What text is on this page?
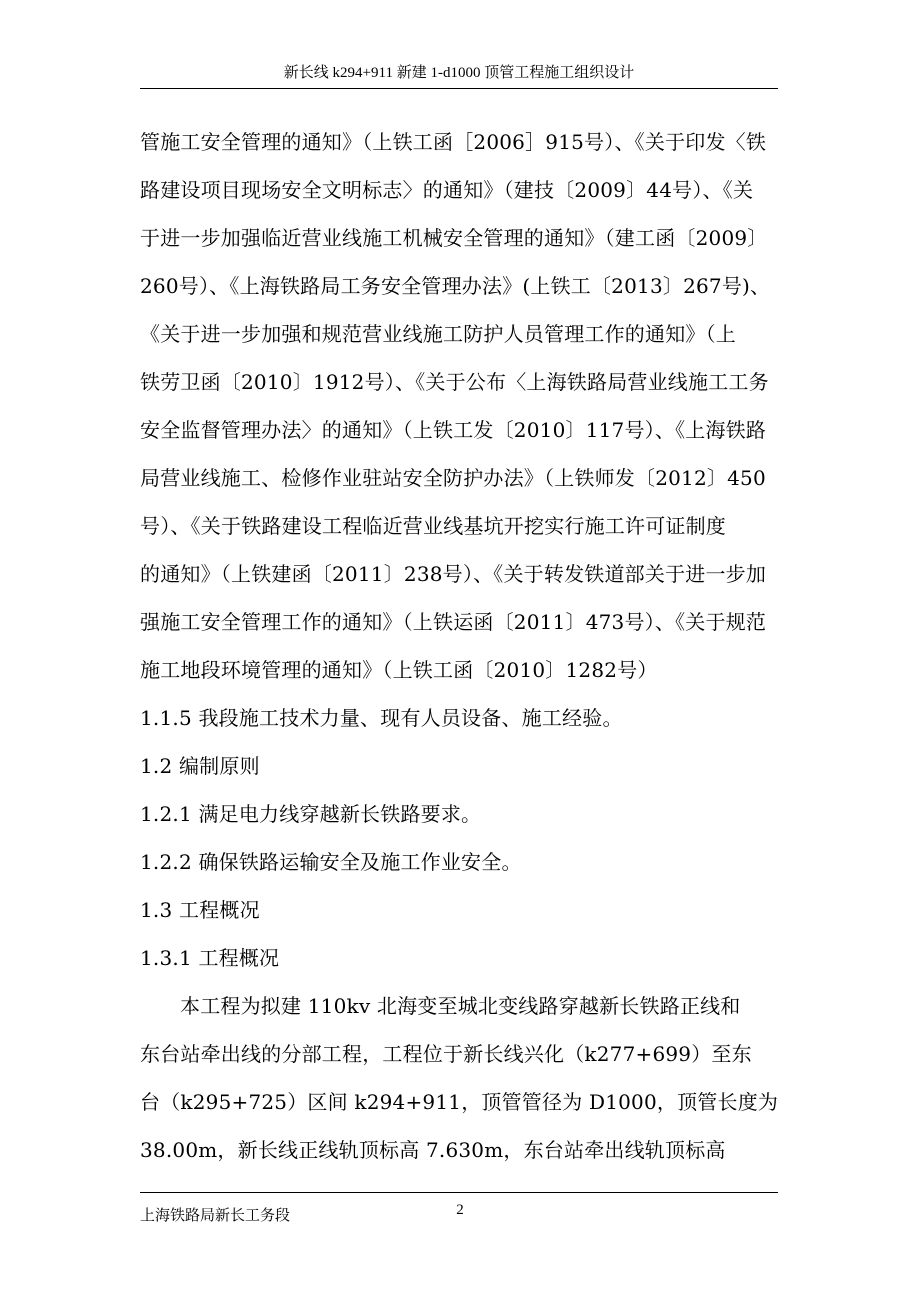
新长线 k294+911 新建 1-d1000 顶管工程施工组织设计
管施工安全管理的通知》（上铁工函［2006］915号）、《关于印发〈铁
路建设项目现场安全文明标志〉的通知》（建技〔2009〕44号）、《关
于进一步加强临近营业线施工机械安全管理的通知》（建工函〔2009〕
260号）、《上海铁路局工务安全管理办法》(上铁工〔2013〕267号)、
《关于进一步加强和规范营业线施工防护人员管理工作的通知》（上
铁劳卫函〔2010〕1912号）、《关于公布〈上海铁路局营业线施工工务
安全监督管理办法〉的通知》（上铁工发〔2010〕117号）、《上海铁路
局营业线施工、检修作业驻站安全防护办法》（上铁师发〔2012〕450
号）、《关于铁路建设工程临近营业线基坑开挖实行施工许可证制度
的通知》（上铁建函〔2011〕238号）、《关于转发铁道部关于进一步加
强施工安全管理工作的通知》（上铁运函〔2011〕473号）、《关于规范
施工地段环境管理的通知》（上铁工函〔2010〕1282号）
1.1.5 我段施工技术力量、现有人员设备、施工经验。
1.2 编制原则
1.2.1 满足电力线穿越新长铁路要求。
1.2.2 确保铁路运输安全及施工作业安全。
1.3 工程概况
1.3.1 工程概况
本工程为拟建 110kv 北海变至城北变线路穿越新长铁路正线和
东台站牵出线的分部工程，工程位于新长线兴化（k277+699）至东
台（k295+725）区间 k294+911，顶管管径为 D1000，顶管长度为
38.00m，新长线正线轨顶标高 7.630m，东台站牵出线轨顶标高
上海铁路局新长工务段	2
